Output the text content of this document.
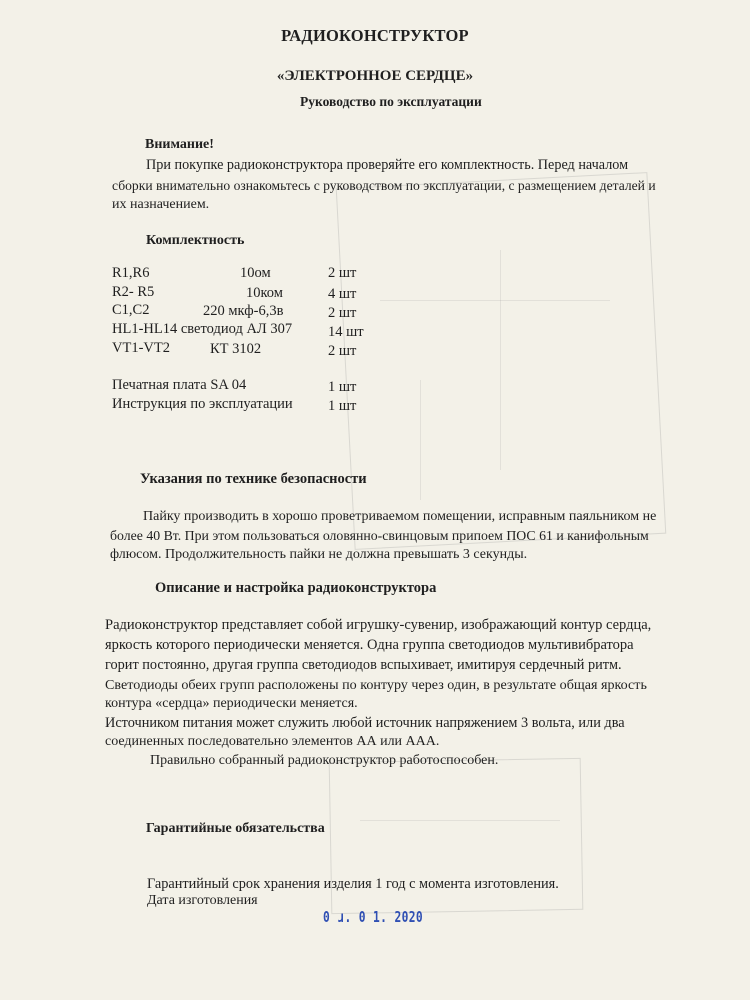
РАДИОКОНСТРУКТОР
«ЭЛЕКТРОННОЕ СЕРДЦЕ»
Руководство по эксплуатации
Внимание!
При покупке радиоконструктора проверяйте его комплектность. Перед началом
сборки внимательно ознакомьтесь с руководством по эксплуатации, с размещением деталей и
их назначением.
Комплектность
R1,R6	10ом	2 шт
R2- R5	10ком	4 шт
C1,C2	220 мкф-6,3в	2 шт
HL1-HL14 светодиод АЛ 307 14 шт
VT1-VT2	КТ 3102	2 шт
Печатная плата SA 04	1 шт
Инструкция по эксплуатации 1 шт
Указания по технике безопасности
Пайку производить в хорошо проветриваемом помещении, исправным паяльником не
более 40 Вт. При этом пользоваться оловянно-свинцовым припоем ПОС 61 и канифольным
флюсом. Продолжительность пайки не должна превышать 3 секунды.
Описание и настройка радиоконструктора
Радиоконструктор представляет собой игрушку-сувенир, изображающий контур сердца,
яркость которого периодически меняется. Одна группа светодиодов мультивибратора
горит постоянно, другая группа светодиодов вспыхивает, имитируя сердечный ритм.
Светодиоды обеих групп расположены по контуру через один, в результате общая яркость
контура «сердца» периодически меняется.
Источником питания может служить любой источник напряжением 3 вольта, или два
соединенных последовательно элементов АА или ААА.
Правильно собранный радиоконструктор работоспособен.
Гарантийные обязательства
Гарантийный срок хранения изделия 1 год с момента изготовления.
Дата изготовления
0 ɹ. 0 1. 2020
